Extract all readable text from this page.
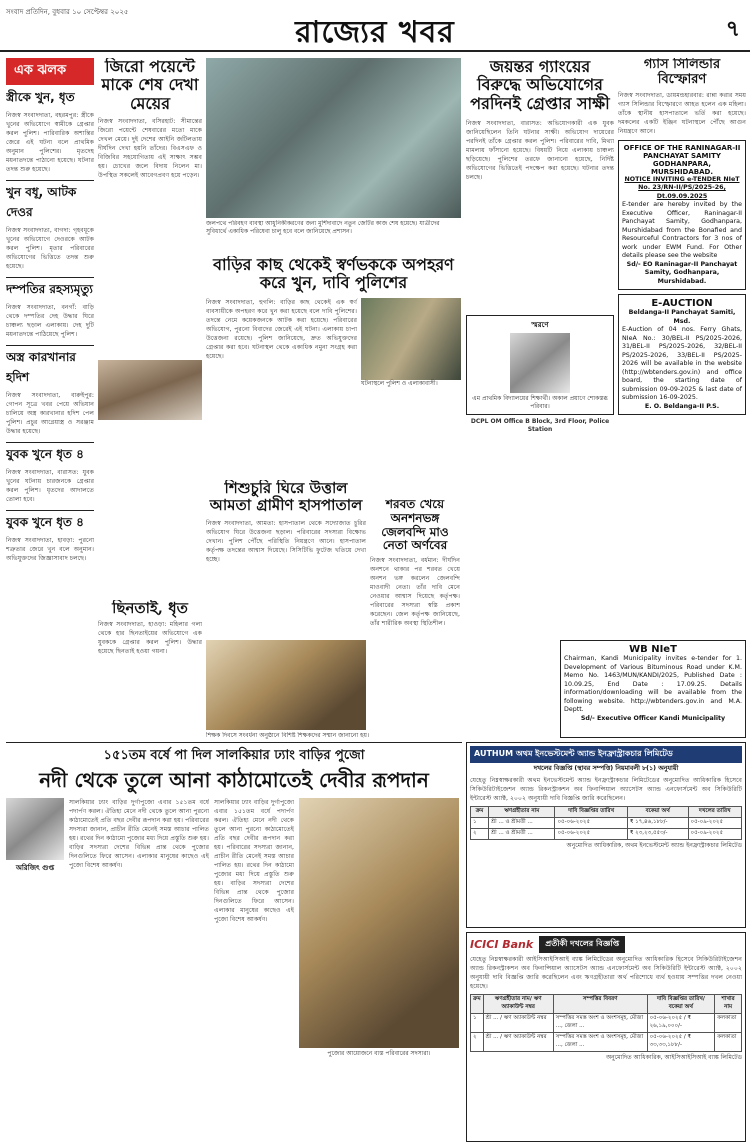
সংবাদ প্রতিদিন, বুধবার ১০ সেপ্টেম্বর ২০২৫
রাজ্যের খবর	৭
এক ঝলক
স্ত্রীকে খুন, ধৃত
নিজস্ব সংবাদদাতা, বহরমপুর: স্ত্রীকে খুনের অভিযোগে স্বামীকে গ্রেপ্তার করল পুলিশ। পারিবারিক অশান্তির জেরে এই ঘটনা বলে প্রাথমিক অনুমান পুলিশের। মৃতদেহ ময়নাতদন্তে পাঠানো হয়েছে। ঘটনার তদন্ত শুরু হয়েছে।
খুন বধূ, আটক দেওর
নিজস্ব সংবাদদাতা, বাগদা: গৃহবধূকে খুনের অভিযোগে দেওরকে আটক করল পুলিশ। মৃতার পরিবারের অভিযোগের ভিত্তিতে তদন্ত শুরু হয়েছে।
দম্পতির রহস্যমৃত্যু
নিজস্ব সংবাদদাতা, বনগাঁ: বাড়ি থেকে দম্পতির দেহ উদ্ধার ঘিরে চাঞ্চল্য ছড়াল এলাকায়। দেহ দুটি ময়নাতদন্তে পাঠিয়েছে পুলিশ।
অস্ত্র কারখানার হদিশ
নিজস্ব সংবাদদাতা, বারুইপুর: গোপন সূত্রে খবর পেয়ে অভিযান চালিয়ে অস্ত্র কারখানার হদিশ পেল পুলিশ। প্রচুর আগ্নেয়াস্ত্র ও সরঞ্জাম উদ্ধার হয়েছে।
যুবক খুনে ধৃত ৪
নিজস্ব সংবাদদাতা, বারাসত: যুবক খুনের ঘটনায় চারজনকে গ্রেপ্তার করল পুলিশ। ধৃতদের আদালতে তোলা হবে।
যুবক খুনে ধৃত ৪
নিজস্ব সংবাদদাতা, হাবড়া: পুরনো শত্রুতার জেরে খুন বলে অনুমান। অভিযুক্তদের জিজ্ঞাসাবাদ চলছে।
জিরো পয়েন্টে মাকে শেষ দেখা মেয়ের
নিজস্ব সংবাদদাতা, বসিরহাট: সীমান্তের জিরো পয়েন্টে শেষবারের মতো মাকে দেখল মেয়ে। দুই দেশের আইনি জটিলতায় দীর্ঘদিন দেখা হয়নি তাঁদের। বিএসএফ ও বিজিবির সহযোগিতায় এই সাক্ষাৎ সম্ভব হয়। চোখের জলে বিদায় নিলেন মা। উপস্থিত সকলেই আবেগপ্রবণ হয়ে পড়েন।
জলপথে পরিবহণ ব্যবস্থা আধুনিকীকরণের জন্য মুর্শিদাবাদে নতুন জেটির কাজ শেষ হয়েছে। যাত্রীদের সুবিধার্থে একাধিক পরিষেবা চালু হবে বলে জানিয়েছে প্রশাসন।
জয়ন্তর গ্যাংয়ের বিরুদ্ধে অভিযোগের পরদিনই গ্রেপ্তার সাক্ষী
নিজস্ব সংবাদদাতা, বারাসত: অভিযোগকারী এক যুবক জানিয়েছিলেন তিনি ঘটনার সাক্ষী। অভিযোগ দায়েরের পরদিনই তাঁকে গ্রেপ্তার করল পুলিশ। পরিবারের দাবি, মিথ্যা মামলায় ফাঁসানো হয়েছে। বিষয়টি নিয়ে এলাকায় চাঞ্চল্য ছড়িয়েছে। পুলিশের তরফে জানানো হয়েছে, নির্দিষ্ট অভিযোগের ভিত্তিতেই পদক্ষেপ করা হয়েছে। ঘটনার তদন্ত চলছে।
স্মরণে
এম প্রাথমিক বিদ্যালয়ের শিক্ষার্থী। অকাল প্রয়াণে শোকস্তব্ধ পরিবার।
DCPL OM Office B Block, 3rd Floor, Police Station
গ্যাস সিলিন্ডার বিস্ফোরণ
নিজস্ব সংবাদদাতা, ডায়মন্ডহারবার: রান্না করার সময় গ্যাস সিলিন্ডার বিস্ফোরণে আহত হলেন এক মহিলা। তাঁকে স্থানীয় হাসপাতালে ভর্তি করা হয়েছে। দমকলের একটি ইঞ্জিন ঘটনাস্থলে পৌঁছে আগুন নিয়ন্ত্রণে আনে।
OFFICE OF THE RANINAGAR-II PANCHAYAT SAMITY GODHANPARA, MURSHIDABAD.
NOTICE INVITING e-TENDER NIeT No. 23/RN-II/PS/2025-26, Dt.09.09.2025
E-tender are hereby invited by the Executive Officer, Raninagar-II Panchayat Samity, Godhanpara, Murshidabad from the Bonafied and Resourceful Contractors for 3 nos of work under EWM Fund. For Other details please see the website
Sd/- EO Raninagar-II Panchayat Samity, Godhanpara, Murshidabad.
E-AUCTION
Beldanga-II Panchayat Samiti, Msd.
E-Auction of 04 nos. Ferry Ghats, NIeA No.: 30/BEL-II PS/2025-2026, 31/BEL-II PS/2025-2026, 32/BEL-II PS/2025-2026, 33/BEL-II PS/2025-2026 will be available in the website (http://wbtenders.gov.in) and office board, the starting date of submission 09-09-2025 & last date of submission 16-09-2025.
E. O. Beldanga-II P.S.
WB NIeT
Chairman, Kandi Municipality invites e-tender for 1. Development of Various Bituminous Road under K.M. Memo No. 1463/MUN/KANDI/2025, Published Date : 10.09.25, End Date : 17.09.25. Details information/downloading will be available from the following website. http://wbtenders.gov.in and M.A. Deptt.
Sd/- Executive Officer Kandi Municipality
বাড়ির কাছ থেকেই স্বর্ণভককে অপহরণ করে খুন, দাবি পুলিশের
নিজস্ব সংবাদদাতা, হুগলি: বাড়ির কাছ থেকেই এক স্বর্ণ ব্যবসায়ীকে অপহরণ করে খুন করা হয়েছে বলে দাবি পুলিশের। তদন্তে নেমে কয়েকজনকে আটক করা হয়েছে। পরিবারের অভিযোগ, পুরনো বিবাদের জেরেই এই ঘটনা। এলাকায় চাপা উত্তেজনা রয়েছে। পুলিশ জানিয়েছে, দ্রুত অভিযুক্তদের গ্রেপ্তার করা হবে। ঘটনাস্থল থেকে একাধিক নমুনা সংগ্রহ করা হয়েছে।
ঘটনাস্থলে পুলিশ ও এলাকাবাসী।
শিশুচুরি ঘিরে উত্তাল আমতা গ্রামীণ হাসপাতাল
নিজস্ব সংবাদদাতা, আমতা: হাসপাতাল থেকে সদ্যোজাত চুরির অভিযোগ ঘিরে উত্তেজনা ছড়াল। পরিবারের সদস্যরা বিক্ষোভ দেখান। পুলিশ পৌঁছে পরিস্থিতি নিয়ন্ত্রণে আনে। হাসপাতাল কর্তৃপক্ষ তদন্তের আশ্বাস দিয়েছে। সিসিটিভি ফুটেজ খতিয়ে দেখা হচ্ছে।
ছিনতাই, ধৃত
নিজস্ব সংবাদদাতা, হাওড়া: মহিলার গলা থেকে হার ছিনতাইয়ের অভিযোগে এক যুবককে গ্রেপ্তার করল পুলিশ। উদ্ধার হয়েছে ছিনতাই হওয়া গয়না।
শরবত খেয়ে অনশনভঙ্গ জেলবন্দি মাও নেতা অর্ণবের
নিজস্ব সংবাদদাতা, বর্ধমান: দীর্ঘদিন অনশনে থাকার পর শরবত খেয়ে অনশন ভঙ্গ করলেন জেলবন্দি মাওবাদী নেতা। তাঁর দাবি মেনে নেওয়ার আশ্বাস দিয়েছে কর্তৃপক্ষ। পরিবারের সদস্যরা স্বস্তি প্রকাশ করেছেন। জেল কর্তৃপক্ষ জানিয়েছে, তাঁর শারীরিক অবস্থা স্থিতিশীল।
শিক্ষক দিবসে সংবর্ধনা অনুষ্ঠানে বিশিষ্ট শিক্ষকদের সম্মান জানানো হয়।
AUTHUM অথম ইনভেস্টমেন্ট অ্যান্ড ইনফ্রাস্ট্রাকচার লিমিটেড
দখলের বিজ্ঞপ্তি (স্থাবর সম্পত্তি) নিয়মাবলী ৮(১) অনুযায়ী
যেহেতু নিম্নস্বাক্ষরকারী অথম ইনভেস্টমেন্ট অ্যান্ড ইনফ্রাস্ট্রাকচার লিমিটেডের অনুমোদিত আধিকারিক হিসেবে সিকিউরিটাইজেশন অ্যান্ড রিকনস্ট্রাকশন অব ফিনান্সিয়াল অ্যাসেটস অ্যান্ড এনফোর্সমেন্ট অব সিকিউরিটি ইন্টারেস্ট অ্যাক্ট, ২০০২ অনুযায়ী দাবি বিজ্ঞপ্তি জারি করেছিলেন।
ক্রম	ঋণগ্রহীতার নাম	দাবি বিজ্ঞপ্তির তারিখ	বকেয়া অর্থ	দখলের তারিখ
১	শ্রী ... ও শ্রীমতী ...	০৫-০৬-২০২৫	₹ ১৭,৪৬,১৮৮/-	০৫-০৯-২০২৫
২	শ্রী ... ও শ্রীমতী ...	০৫-০৬-২০২৫	₹ ২৩,২৩,৫৫৩/-	০৫-০৯-২০২৫
অনুমোদিত আধিকারিক, অথম ইনভেস্টমেন্ট অ্যান্ড ইনফ্রাস্ট্রাকচার লিমিটেড
ICICI Bank	প্রতীকী দখলের বিজ্ঞপ্তি
যেহেতু নিম্নস্বাক্ষরকারী আইসিআইসিআই ব্যাঙ্ক লিমিটেডের অনুমোদিত আধিকারিক হিসেবে সিকিউরিটাইজেশন অ্যান্ড রিকনস্ট্রাকশন অব ফিনান্সিয়াল অ্যাসেটস অ্যান্ড এনফোর্সমেন্ট অব সিকিউরিটি ইন্টারেস্ট অ্যাক্ট, ২০০২ অনুযায়ী দাবি বিজ্ঞপ্তি জারি করেছিলেন এবং ঋণগ্রহীতারা অর্থ পরিশোধে ব্যর্থ হওয়ায় সম্পত্তির দখল নেওয়া হয়েছে।
ক্রম	ঋণগ্রহীতার নাম/ ঋণ অ্যাকাউন্ট নম্বর	সম্পত্তির বিবরণ	দাবি বিজ্ঞপ্তির তারিখ/ বকেয়া অর্থ	শাখার নাম
১	শ্রী ... / ঋণ অ্যাকাউন্ট নম্বর	সম্পত্তির সমস্ত অংশ ও অংশসমূহ, মৌজা ..., জেলা ...	০৫-০৬-২০২৫ / ₹ ২৬,১৯,০০০/-	কলকাতা
২	শ্রী ... / ঋণ অ্যাকাউন্ট নম্বর	সম্পত্তির সমস্ত অংশ ও অংশসমূহ, মৌজা ..., জেলা ...	০৫-০৬-২০২৫ / ₹ ৩৩,৩৩,১৮৮/-	কলকাতা
অনুমোদিত আধিকারিক, আইসিআইসিআই ব্যাঙ্ক লিমিটেড
১৫১তম বর্ষে পা দিল সালকিয়ার ঢ্যাং বাড়ির পুজো
নদী থেকে তুলে আনা কাঠামোতেই দেবীর রূপদান
অরিজিৎ গুপ্ত
সালকিয়ার ঢ্যাং বাড়ির দুর্গাপুজো এবার ১৫১তম বর্ষে পদার্পণ করল। ঐতিহ্য মেনে নদী থেকে তুলে আনা পুরনো কাঠামোতেই প্রতি বছর দেবীর রূপদান করা হয়। পরিবারের সদস্যরা জানান, প্রাচীন রীতি মেনেই সমস্ত আচার পালিত হয়। রথের দিন কাঠামো পুজোর মধ্য দিয়ে প্রস্তুতি শুরু হয়। বাড়ির সদস্যরা দেশের বিভিন্ন প্রান্ত থেকে পুজোর দিনগুলিতে ফিরে আসেন। এলাকার মানুষের কাছেও এই পুজো বিশেষ আকর্ষণ।
সালকিয়ার ঢ্যাং বাড়ির দুর্গাপুজো এবার ১৫১তম বর্ষে পদার্পণ করল। ঐতিহ্য মেনে নদী থেকে তুলে আনা পুরনো কাঠামোতেই প্রতি বছর দেবীর রূপদান করা হয়। পরিবারের সদস্যরা জানান, প্রাচীন রীতি মেনেই সমস্ত আচার পালিত হয়। রথের দিন কাঠামো পুজোর মধ্য দিয়ে প্রস্তুতি শুরু হয়। বাড়ির সদস্যরা দেশের বিভিন্ন প্রান্ত থেকে পুজোর দিনগুলিতে ফিরে আসেন। এলাকার মানুষের কাছেও এই পুজো বিশেষ আকর্ষণ।
পুজোর আয়োজনে ব্যস্ত পরিবারের সদস্যরা।
